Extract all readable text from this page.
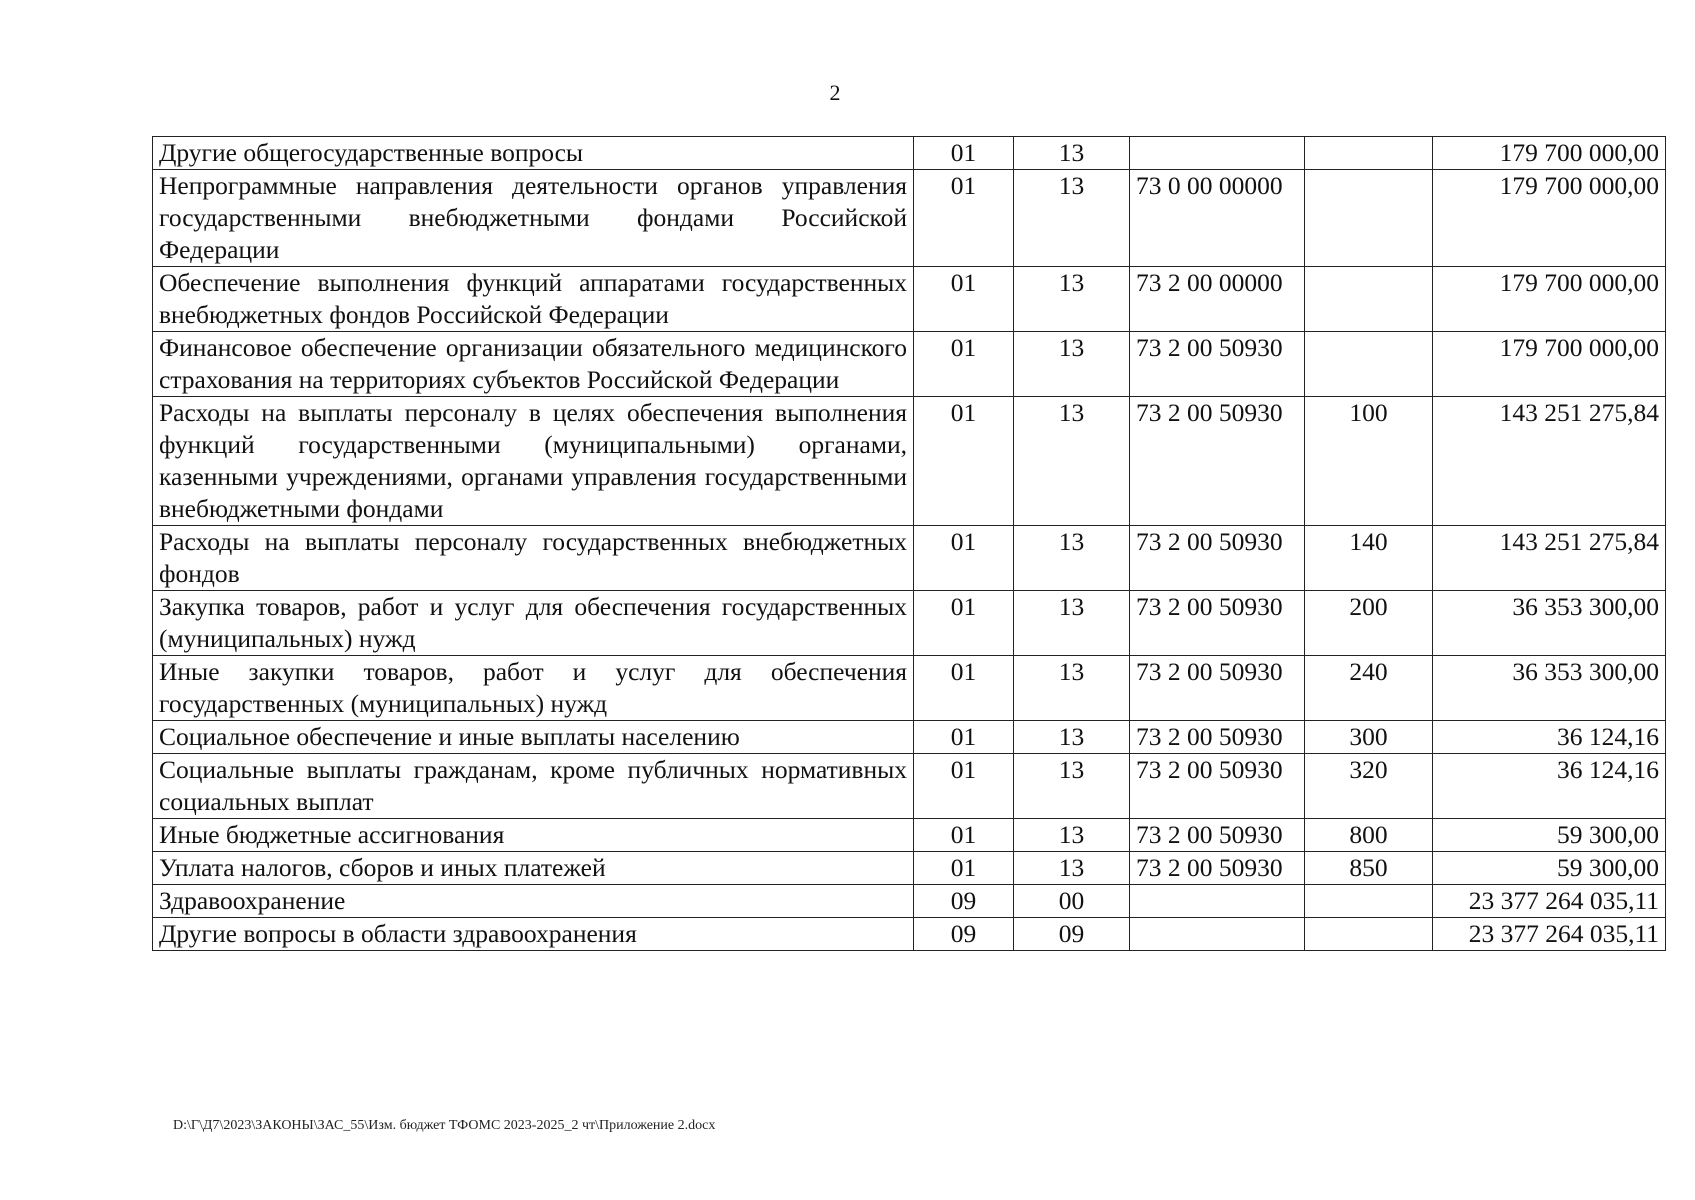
2
Другие общегосударственные вопросы	01	13			179 700 000,00
Непрограммные направления деятельности органов управления государственными внебюджетными фондами Российской Федерации	01	13	73 0 00 00000		179 700 000,00
Обеспечение выполнения функций аппаратами государственных внебюджетных фондов Российской Федерации	01	13	73 2 00 00000		179 700 000,00
Финансовое обеспечение организации обязательного медицинского страхования на территориях субъектов Российской Федерации	01	13	73 2 00 50930		179 700 000,00
Расходы на выплаты персоналу в целях обеспечения выполнения функций государственными (муниципальными) органами, казенными учреждениями, органами управления государственными внебюджетными фондами	01	13	73 2 00 50930	100	143 251 275,84
Расходы на выплаты персоналу государственных внебюджетных фондов	01	13	73 2 00 50930	140	143 251 275,84
Закупка товаров, работ и услуг для обеспечения государственных (муниципальных) нужд	01	13	73 2 00 50930	200	36 353 300,00
Иные закупки товаров, работ и услуг для обеспечения государственных (муниципальных) нужд	01	13	73 2 00 50930	240	36 353 300,00
Социальное обеспечение и иные выплаты населению	01	13	73 2 00 50930	300	36 124,16
Социальные выплаты гражданам, кроме публичных нормативных социальных выплат	01	13	73 2 00 50930	320	36 124,16
Иные бюджетные ассигнования	01	13	73 2 00 50930	800	59 300,00
Уплата налогов, сборов и иных платежей	01	13	73 2 00 50930	850	59 300,00
Здравоохранение	09	00			23 377 264 035,11
Другие вопросы в области здравоохранения	09	09			23 377 264 035,11
D:\Г\Д7\2023\ЗАКОНЫ\ЗАС_55\Изм. бюджет ТФОМС 2023-2025_2 чт\Приложение 2.docx
